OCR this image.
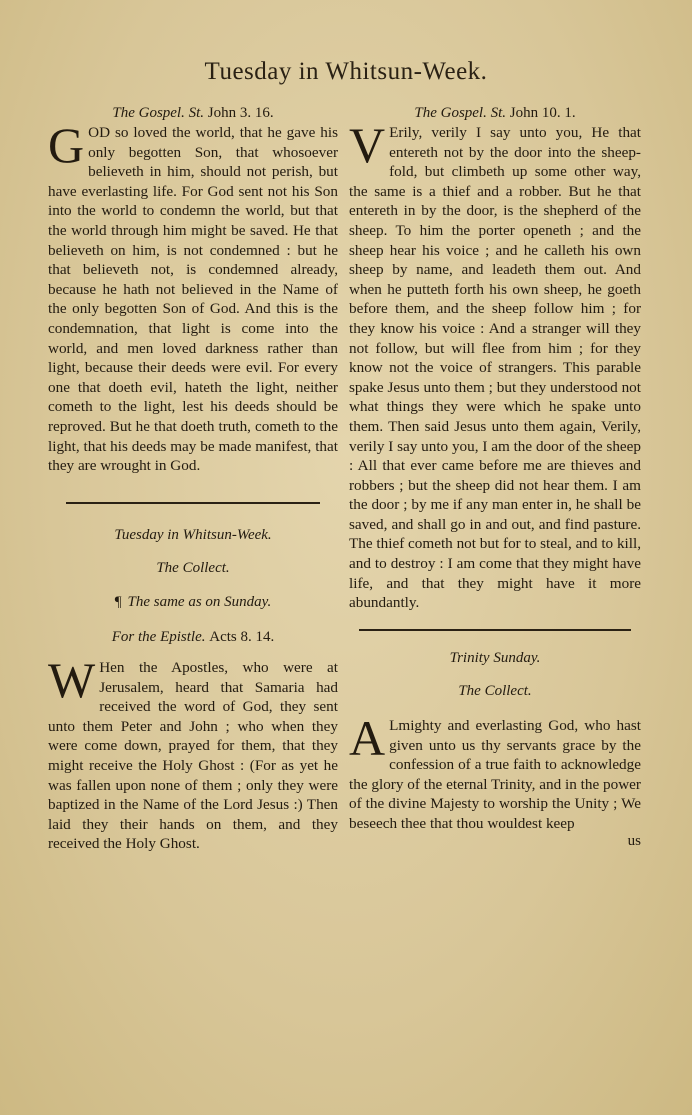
Tuesday in Whitsun-Week.

The Gospel. St. John 3. 16.

GOD so loved the world, that he gave his only begotten Son, that whosoever believeth in him, should not perish, but have everlasting life. For God sent not his Son into the world to condemn the world, but that the world through him might be saved. He that believeth on him, is not condemned : but he that believeth not, is condemned already, because he hath not believed in the Name of the only begotten Son of God. And this is the condemnation, that light is come into the world, and men loved darkness rather than light, because their deeds were evil. For every one that doeth evil, hateth the light, neither cometh to the light, lest his deeds should be reproved. But he that doeth truth, cometh to the light, that his deeds may be made manifest, that they are wrought in God.

Tuesday in Whitsun-Week.

The Collect.

¶ The same as on Sunday.

For the Epistle. Acts 8. 14.

W Hen the Apostles, who were at Jerusalem, heard that Samaria had received the word of God, they sent unto them Peter and John ; who when they were come down, prayed for them, that they might receive the Holy Ghost : (For as yet he was fallen upon none of them ; only they were baptized in the Name of the Lord Jesus :) Then laid they their hands on them, and they received the Holy Ghost.

The Gospel. St. John 10. 1.

V Erily, verily I say unto you, He that entereth not by the door into the sheep-fold, but climbeth up some other way, the same is a thief and a robber. But he that entereth in by the door, is the shepherd of the sheep. To him the porter openeth ; and the sheep hear his voice ; and he calleth his own sheep by name, and leadeth them out. And when he putteth forth his own sheep, he goeth before them, and the sheep follow him ; for they know his voice : And a stranger will they not follow, but will flee from him ; for they know not the voice of strangers. This parable spake Jesus unto them ; but they understood not what things they were which he spake unto them. Then said Jesus unto them again, Verily, verily I say unto you, I am the door of the sheep : All that ever came before me are thieves and robbers ; but the sheep did not hear them. I am the door ; by me if any man enter in, he shall be saved, and shall go in and out, and find pasture. The thief cometh not but for to steal, and to kill, and to destroy : I am come that they might have life, and that they might have it more abundantly.

Trinity Sunday.

The Collect.

A Lmighty and everlasting God, who hast given unto us thy servants grace by the confession of a true faith to acknowledge the glory of the eternal Trinity, and in the power of the divine Majesty to worship the Unity ; We beseech thee that thou wouldest keep

us
